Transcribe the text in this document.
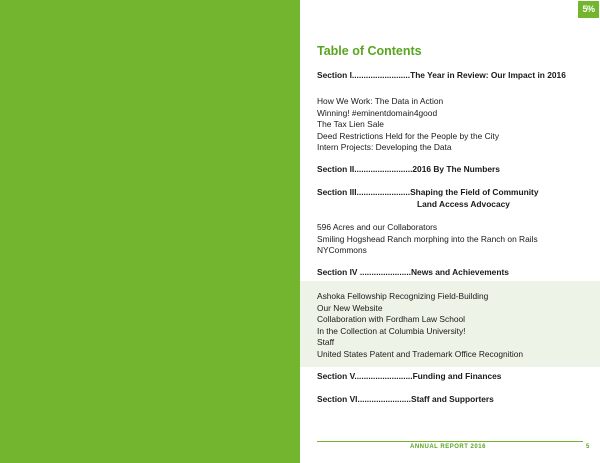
5%
Table of Contents
Section I.........................The Year in Review: Our Impact in 2016
How We Work: The Data in Action
Winning! #eminentdomain4good
The Tax Lien Sale
Deed Restrictions Held for the People by the City
Intern Projects: Developing the Data
Section II.........................2016 By The Numbers
Section III.......................Shaping the Field of Community
Land Access Advocacy
596 Acres and our Collaborators
Smiling Hogshead Ranch morphing into the Ranch on Rails
NYCommons
Section IV ......................News and Achievements
Ashoka Fellowship Recognizing Field-Building
Our New Website
Collaboration with Fordham Law School
In the Collection at Columbia University!
Staff
United States Patent and Trademark Office Recognition
Section V.........................Funding and Finances
Section VI.......................Staff and Supporters
ANNUAL REPORT 2016	5
